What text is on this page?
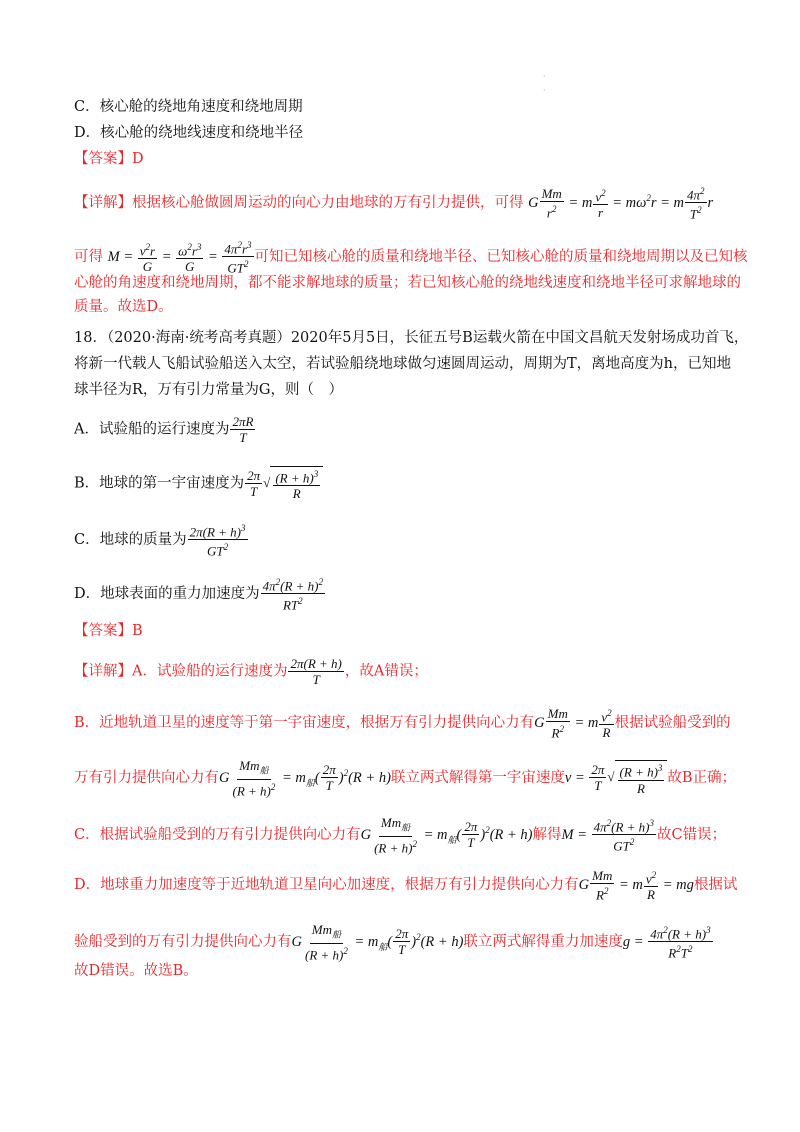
·
·
C．核心舱的绕地角速度和绕地周期
D．核心舱的绕地线速度和绕地半径
【答案】D
【详解】根据核心舱做圆周运动的向心力由地球的万有引力提供，可得 G $\frac{Mm}{r^2} = m \frac{v^2}{r} = m\omega^2r = m \frac{4\pi^2}{T^2}$ r
可得 $M = \frac{v^2r}{G} = \frac{\omega^2r^3}{G} = \frac{4\pi^2r^3}{GT^2}$ 可知已知核心舱的质量和绕地半径、已知核心舱的质量和绕地周期以及已知核
心舱的角速度和绕地周期，都不能求解地球的质量；若已知核心舱的绕地线速度和绕地半径可求解地球的
质量。故选D。
18．（2020·海南·统考高考真题）2020年5月5日，长征五号B运载火箭在中国文昌航天发射场成功首飞，
将新一代载人飞船试验船送入太空，若试验船绕地球做匀速圆周运动，周期为T，离地高度为h，已知地
球半径为R，万有引力常量为G，则（　）
A．试验船的运行速度为 $\frac{2\pi R}{T}$
B．地球的第一宇宙速度为 $\frac{2\pi}{T}$ √ $\frac{(R + h)^3}{R}$
C．地球的质量为 $\frac{2\pi(R + h)^3}{GT^2}$
D．地球表面的重力加速度为 $\frac{4\pi^2(R + h)^2}{RT^2}$
【答案】B
【详解】A．试验船的运行速度为 $\frac{2\pi(R + h)}{T}$ ，故A错误；
B．近地轨道卫星的速度等于第一宇宙速度，根据万有引力提供向心力有G $\frac{Mm}{R^2} = m \frac{v^2}{R}$ 根据试验船受到的
万有引力提供向心力有G
$Mm_船$
$(R + h)^2$
= $m_船( \frac{2\pi}{T} )^2(R + h)$联立两式解得第一宇宙速度$v = \frac{2\pi}{T}$ √ $\frac{(R + h)^3}{R}$ 故B正确；
C．根据试验船受到的万有引力提供向心力有G
$Mm_船$
$(R + h)^2$
= $m_船( \frac{2\pi}{T} )^2(R + h)$解得$M = \frac{4\pi^2(R + h)^3}{GT^2}$ 故C错误；
D．地球重力加速度等于近地轨道卫星向心加速度，根据万有引力提供向心力有G $\frac{Mm}{R^2} = m \frac{v^2}{R}$ = mg根据试
验船受到的万有引力提供向心力有G
$Mm_船$
$(R + h)^2$
= $m_船( \frac{2\pi}{T} )^2(R + h)$联立两式解得重力加速度$g = \frac{4\pi^2(R + h)^3}{R^2T^2}$
故D错误。故选B。
